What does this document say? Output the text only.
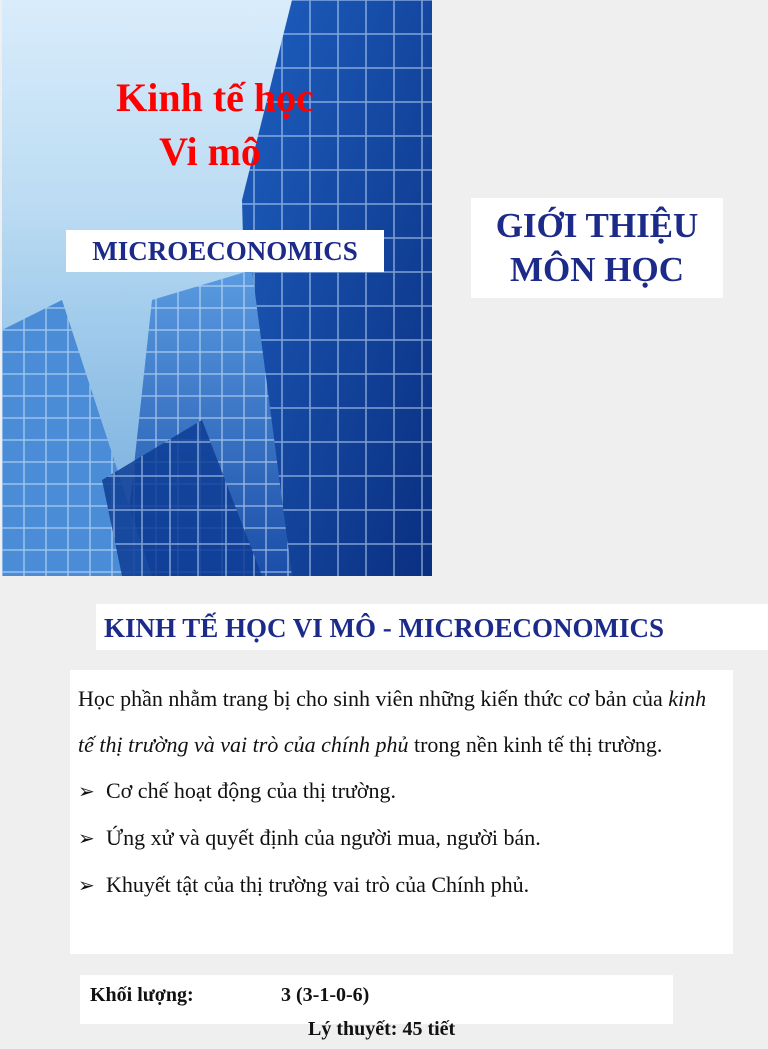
Kinh tế học
Vi mô
MICROECONOMICS
GIỚI THIỆU
MÔN HỌC
KINH TẾ HỌC VI MÔ - MICROECONOMICS

Học phần nhằm trang bị cho sinh viên những kiến thức cơ bản của kinh tế thị trường và vai trò của chính phủ trong nền kinh tế thị trường.

➢ Cơ chế hoạt động của thị trường.
➢ Ứng xử và quyết định của người mua, người bán.
➢ Khuyết tật của thị trường vai trò của Chính phủ.
Khối lượng:	3 (3-1-0-6)
Lý thuyết: 45 tiết
